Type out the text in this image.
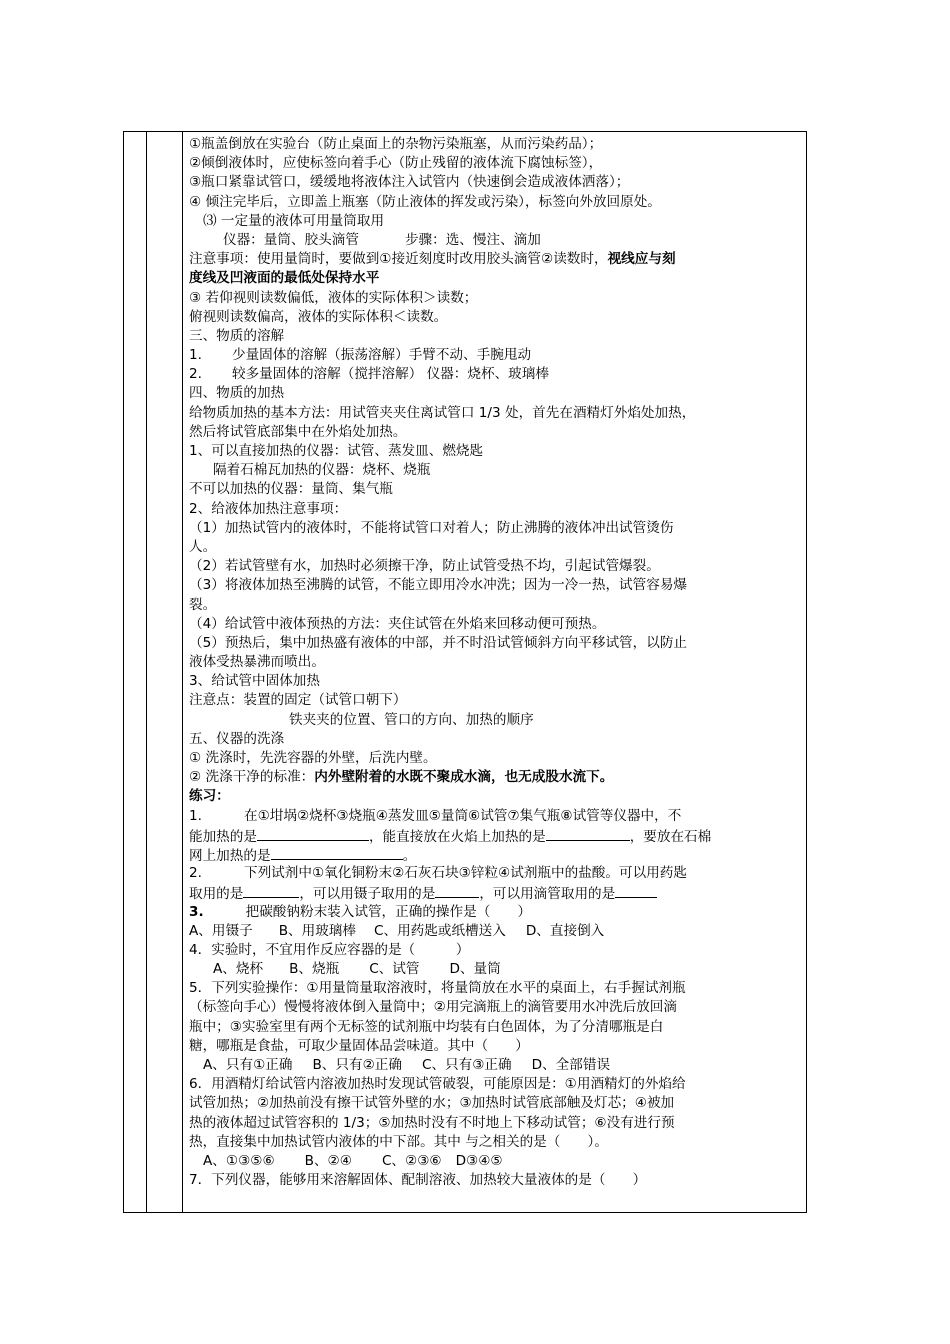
①瓶盖倒放在实验台（防止桌面上的杂物污染瓶塞，从而污染药品）；
②倾倒液体时，应使标签向着手心（防止残留的液体流下腐蚀标签），
③瓶口紧靠试管口，缓缓地将液体注入试管内（快速倒会造成液体洒落）；
④ 倾注完毕后，立即盖上瓶塞（防止液体的挥发或污染），标签向外放回原处。
⑶ 一定量的液体可用量筒取用
仪器：量筒、胶头滴管	步骤：选、慢注、滴加
注意事项：使用量筒时，要做到①接近刻度时改用胶头滴管②读数时，视线应与刻
度线及凹液面的最低处保持水平
③ 若仰视则读数偏低，液体的实际体积＞读数；
俯视则读数偏高，液体的实际体积＜读数。
三、物质的溶解
1. 少量固体的溶解（振荡溶解）手臂不动、手腕甩动
2. 较多量固体的溶解（搅拌溶解） 仪器：烧杯、玻璃棒
四、物质的加热
给物质加热的基本方法：用试管夹夹住离试管口 1/3 处，首先在酒精灯外焰处加热，
然后将试管底部集中在外焰处加热。
1、可以直接加热的仪器：试管、蒸发皿、燃烧匙
隔着石棉瓦加热的仪器：烧杯、烧瓶
不可以加热的仪器：量筒、集气瓶
2、给液体加热注意事项：
（1）加热试管内的液体时，不能将试管口对着人；防止沸腾的液体冲出试管烫伤
人。
（2）若试管壁有水，加热时必须擦干净，防止试管受热不均，引起试管爆裂。
（3）将液体加热至沸腾的试管，不能立即用冷水冲洗；因为一冷一热，试管容易爆
裂。
（4）给试管中液体预热的方法：夹住试管在外焰来回移动便可预热。
（5）预热后，集中加热盛有液体的中部，并不时沿试管倾斜方向平移试管，以防止
液体受热暴沸而喷出。
3、给试管中固体加热
注意点：装置的固定（试管口朝下）
铁夹夹的位置、管口的方向、加热的顺序
五、仪器的洗涤
① 洗涤时，先洗容器的外壁，后洗内壁。
② 洗涤干净的标准：内外壁附着的水既不聚成水滴，也无成股水流下。
练习：
1.	在①坩埚②烧杯③烧瓶④蒸发皿⑤量筒⑥试管⑦集气瓶⑧试管等仪器中，不
能加热的是	，能直接放在火焰上加热的是	，要放在石棉
网上加热的是	。
2.	下列试剂中①氧化铜粉末②石灰石块③锌粒④试剂瓶中的盐酸。可以用药匙
取用的是	，可以用镊子取用的是	，可以用滴管取用的是
3.	把碳酸钠粉末装入试管，正确的操作是（　　）
A、用镊子 B、用玻璃棒 C、用药匙或纸槽送入 D、直接倒入
4．实验时，不宜用作反应容器的是（　　　）
A、烧杯 B、烧瓶 C、试管 D、量筒
5．下列实验操作：①用量筒量取溶液时，将量筒放在水平的桌面上，右手握试剂瓶
（标签向手心）慢慢将液体倒入量筒中；②用完滴瓶上的滴管要用水冲洗后放回滴
瓶中；③实验室里有两个无标签的试剂瓶中均装有白色固体，为了分清哪瓶是白
糖，哪瓶是食盐，可取少量固体品尝味道。其中（　　）
A、只有①正确 B、只有②正确 C、只有③正确 D、全部错误
6．用酒精灯给试管内溶液加热时发现试管破裂，可能原因是：①用酒精灯的外焰给
试管加热；②加热前没有擦干试管外壁的水；③加热时试管底部触及灯芯；④被加
热的液体超过试管容积的 1/3；⑤加热时没有不时地上下移动试管；⑥没有进行预
热，直接集中加热试管内液体的中下部。其中 与之相关的是（　　）。
A、①③⑤⑥ B、②④ C、②③⑥ D③④⑤
7．下列仪器，能够用来溶解固体、配制溶液、加热较大量液体的是（　　）
